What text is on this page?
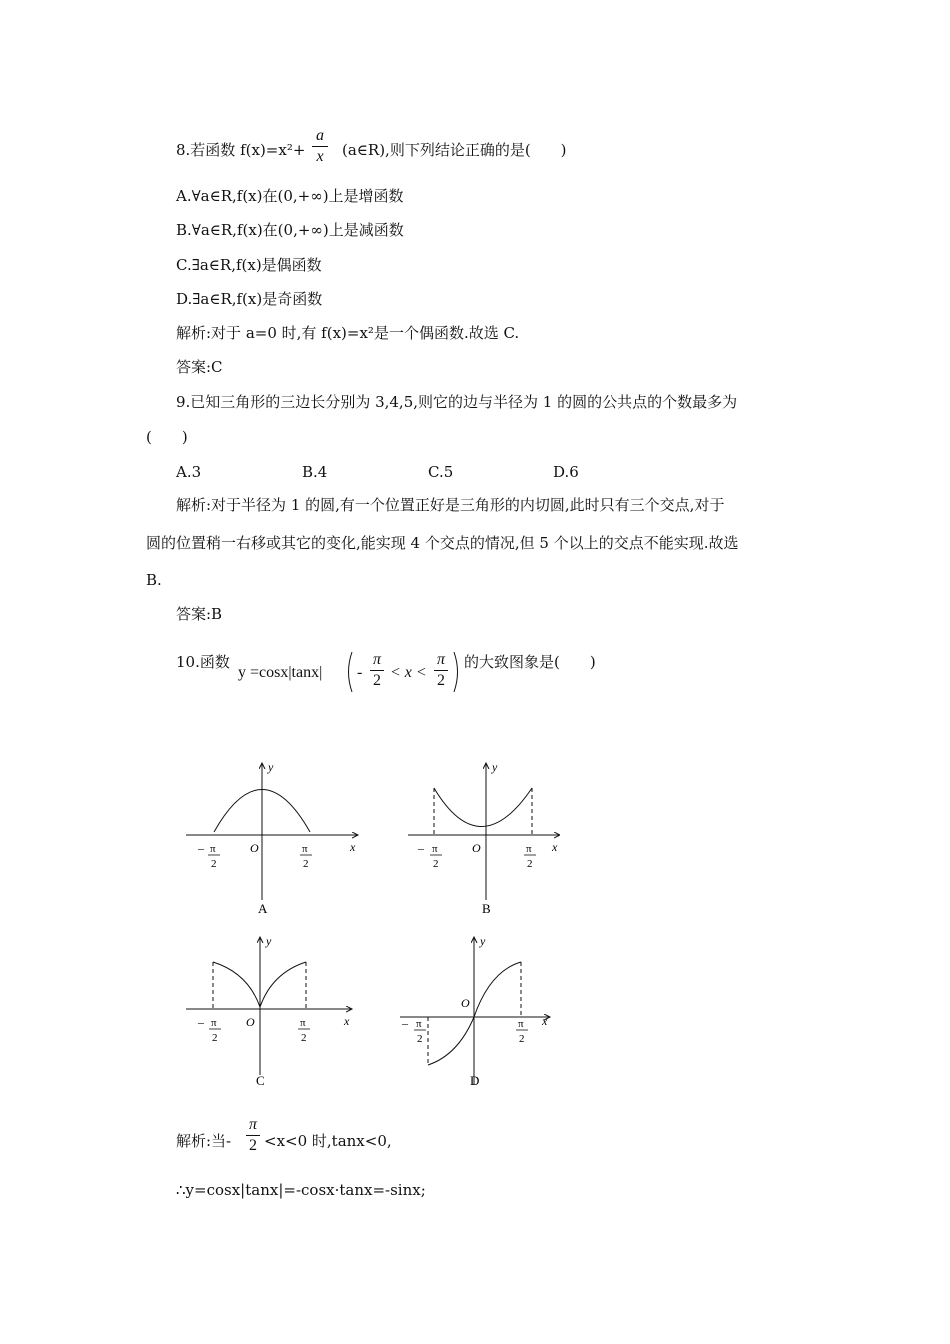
8.若函数 f(x)=x²+
a
x (a∈R),则下列结论正确的是(　　)
A.∀a∈R,f(x)在(0,+∞)上是增函数
B.∀a∈R,f(x)在(0,+∞)上是减函数
C.∃a∈R,f(x)是偶函数
D.∃a∈R,f(x)是奇函数
解析:对于 a=0 时,有 f(x)=x²是一个偶函数.故选 C.
答案:C
9.已知三角形的三边长分别为 3,4,5,则它的边与半径为 1 的圆的公共点的个数最多为
(　　)
A.3	B.4	C.5	D.6
解析:对于半径为 1 的圆,有一个位置正好是三角形的内切圆,此时只有三个交点,对于
圆的位置稍一右移或其它的变化,能实现 4 个交点的情况,但 5 个以上的交点不能实现.故选
B.
答案:B
10.函数
y =cosx|tanx| -
π
2 < x <
π
2
的大致图象是(　　)
y
x
O
– π
2
π
2
A
y
x
O
– π
2
π
2
B
y
x
O
– π
2
π
2
C
y
x
O
– π
2
π
2
D
解析:当-
π
2 <x<0 时,tanx<0,
∴y=cosx|tanx|=-cosx·tanx=-sinx;
